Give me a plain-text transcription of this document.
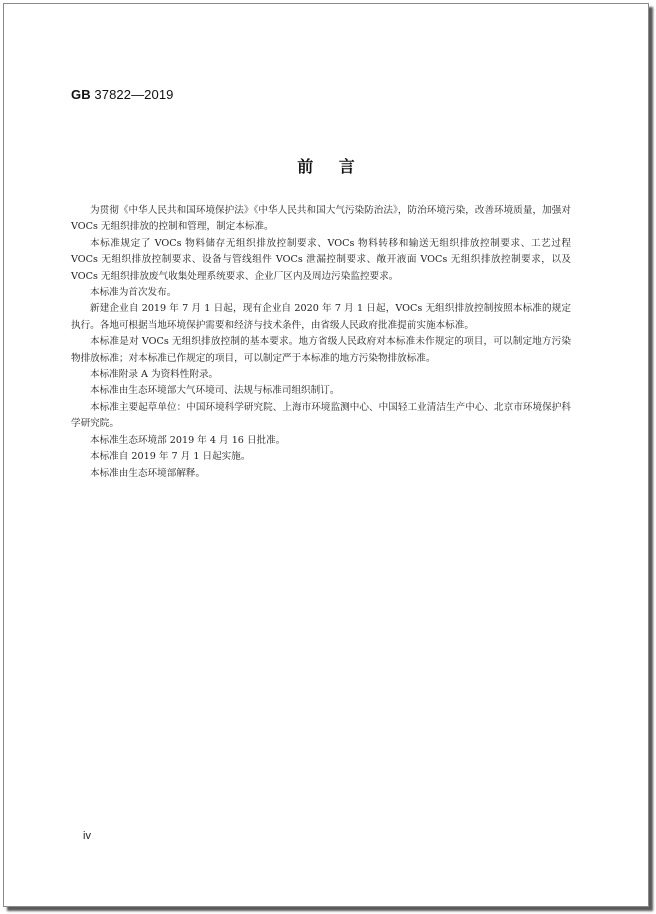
GB 37822—2019
前 言

为贯彻《中华人民共和国环境保护法》《中华人民共和国大气污染防治法》，防治环境污染，改善环境质量，加强对 VOCs 无组织排放的控制和管理，制定本标准。

本标准规定了 VOCs 物料储存无组织排放控制要求、VOCs 物料转移和输送无组织排放控制要求、工艺过程 VOCs 无组织排放控制要求、设备与管线组件 VOCs 泄漏控制要求、敞开液面 VOCs 无组织排放控制要求，以及 VOCs 无组织排放废气收集处理系统要求、企业厂区内及周边污染监控要求。

本标准为首次发布。

新建企业自 2019 年 7 月 1 日起，现有企业自 2020 年 7 月 1 日起，VOCs 无组织排放控制按照本标准的规定执行。各地可根据当地环境保护需要和经济与技术条件，由省级人民政府批准提前实施本标准。

本标准是对 VOCs 无组织排放控制的基本要求。地方省级人民政府对本标准未作规定的项目，可以制定地方污染物排放标准；对本标准已作规定的项目，可以制定严于本标准的地方污染物排放标准。

本标准附录 A 为资料性附录。

本标准由生态环境部大气环境司、法规与标准司组织制订。

本标准主要起草单位：中国环境科学研究院、上海市环境监测中心、中国轻工业清洁生产中心、北京市环境保护科学研究院。

本标准生态环境部 2019 年 4 月 16 日批准。

本标准自 2019 年 7 月 1 日起实施。

本标准由生态环境部解释。

iv
